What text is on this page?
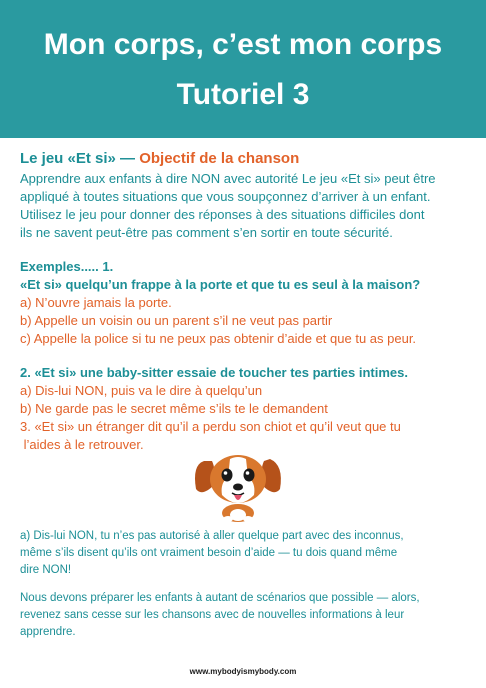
Mon corps, c’est mon corps
Tutoriel 3
Le jeu «Et si» — Objectif de la chanson
Apprendre aux enfants à dire NON avec autorité Le jeu «Et si» peut être
appliqué à toutes situations que vous soupçonnez d’arriver à un enfant.
Utilisez le jeu pour donner des réponses à des situations difficiles dont
ils ne savent peut-être pas comment s’en sortir en toute sécurité.
Exemples..... 1.
«Et si» quelqu’un frappe à la porte et que tu es seul à la maison?
a) N’ouvre jamais la porte.
b) Appelle un voisin ou un parent s’il ne veut pas partir
c) Appelle la police si tu ne peux pas obtenir d’aide et que tu as peur.
2. «Et si» une baby-sitter essaie de toucher tes parties intimes.
a) Dis-lui NON, puis va le dire à quelqu’un
b) Ne garde pas le secret même s’ils te le demandent
3. «Et si» un étranger dit qu’il a perdu son chiot et qu’il veut que tu
l’aides à le retrouver.
a) Dis-lui NON, tu n’es pas autorisé à aller quelque part avec des inconnus,
même s’ils disent qu’ils ont vraiment besoin d’aide — tu dois quand même
dire NON!
Nous devons préparer les enfants à autant de scénarios que possible — alors,
revenez sans cesse sur les chansons avec de nouvelles informations à leur
apprendre.
www.mybodyismybody.com
